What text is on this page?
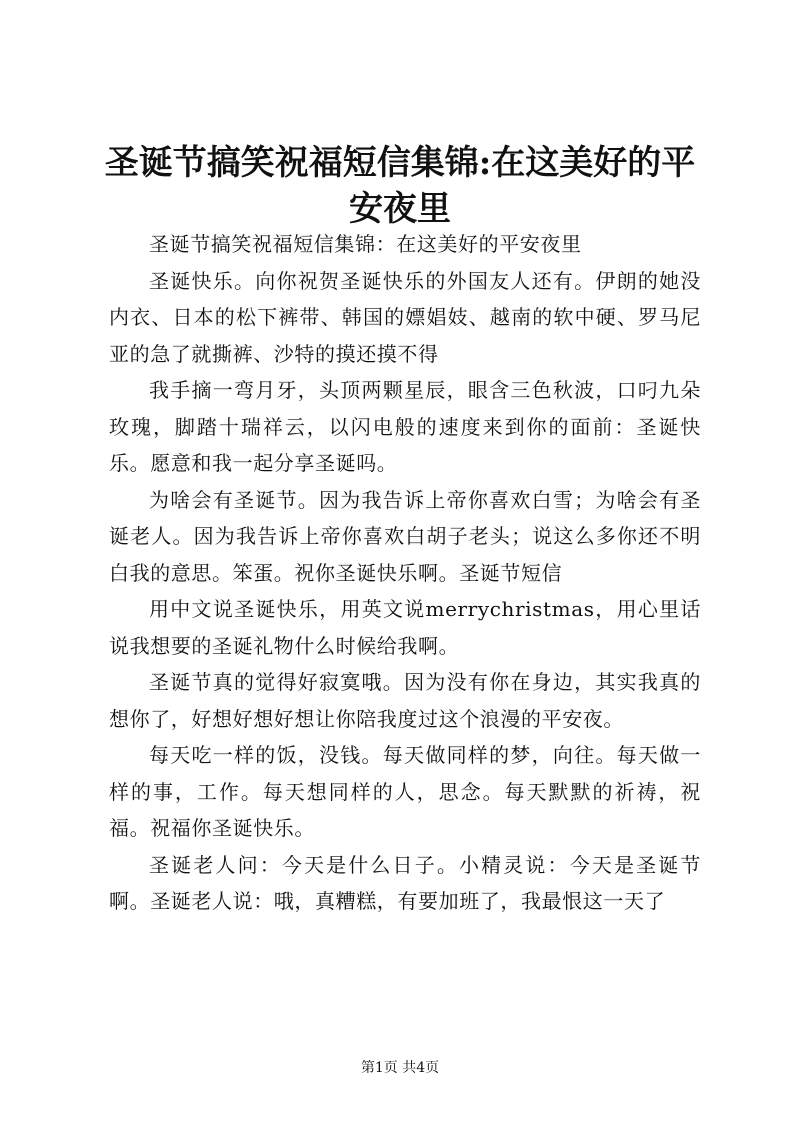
圣诞节搞笑祝福短信集锦:在这美好的平安夜里

圣诞节搞笑祝福短信集锦：在这美好的平安夜里

圣诞快乐。向你祝贺圣诞快乐的外国友人还有。伊朗的她没内衣、日本的松下裤带、韩国的嫖娼妓、越南的软中硬、罗马尼亚的急了就撕裤、沙特的摸还摸不得

我手摘一弯月牙，头顶两颗星辰，眼含三色秋波，口叼九朵玫瑰，脚踏十瑞祥云，以闪电般的速度来到你的面前：圣诞快乐。愿意和我一起分享圣诞吗。

为啥会有圣诞节。因为我告诉上帝你喜欢白雪；为啥会有圣诞老人。因为我告诉上帝你喜欢白胡子老头；说这么多你还不明白我的意思。笨蛋。祝你圣诞快乐啊。圣诞节短信

用中文说圣诞快乐，用英文说merrychristmas，用心里话说我想要的圣诞礼物什么时候给我啊。

圣诞节真的觉得好寂寞哦。因为没有你在身边，其实我真的想你了，好想好想好想让你陪我度过这个浪漫的平安夜。

每天吃一样的饭，没钱。每天做同样的梦，向往。每天做一样的事，工作。每天想同样的人，思念。每天默默的祈祷，祝福。祝福你圣诞快乐。

圣诞老人问：今天是什么日子。小精灵说：今天是圣诞节啊。圣诞老人说：哦，真糟糕，有要加班了，我最恨这一天了

第1页 共4页
